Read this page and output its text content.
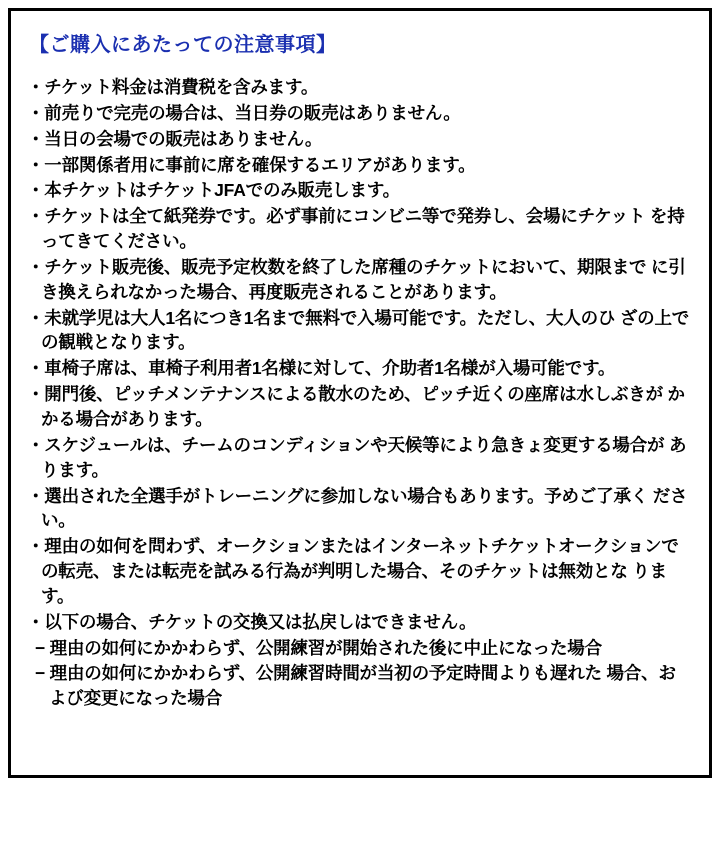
【ご購入にあたっての注意事項】
・チケット料金は消費税を含みます。
・前売りで完売の場合は、当日券の販売はありません。
・当日の会場での販売はありません。
・一部関係者用に事前に席を確保するエリアがあります。
・本チケットはチケットJFAでのみ販売します。
・チケットは全て紙発券です。必ず事前にコンビニ等で発券し、会場にチケット を持ってきてください。
・チケット販売後、販売予定枚数を終了した席種のチケットにおいて、期限まで に引き換えられなかった場合、再度販売されることがあります。
・未就学児は大人1名につき1名まで無料で入場可能です。ただし、大人のひ ざの上での観戦となります。
・車椅子席は、車椅子利用者1名様に対して、介助者1名様が入場可能です。
・開門後、ピッチメンテナンスによる散水のため、ピッチ近くの座席は水しぶきが かかる場合があります。
・スケジュールは、チームのコンディションや天候等により急きょ変更する場合が あります。
・選出された全選手がトレーニングに参加しない場合もあります。予めご了承く ださい。
・理由の如何を問わず、オークションまたはインターネットチケットオークションで の転売、または転売を試みる行為が判明した場合、そのチケットは無効とな ります。
・以下の場合、チケットの交換又は払戻しはできません。
− 理由の如何にかかわらず、公開練習が開始された後に中止になった場合
− 理由の如何にかかわらず、公開練習時間が当初の予定時間よりも遅れた 場合、および変更になった場合
